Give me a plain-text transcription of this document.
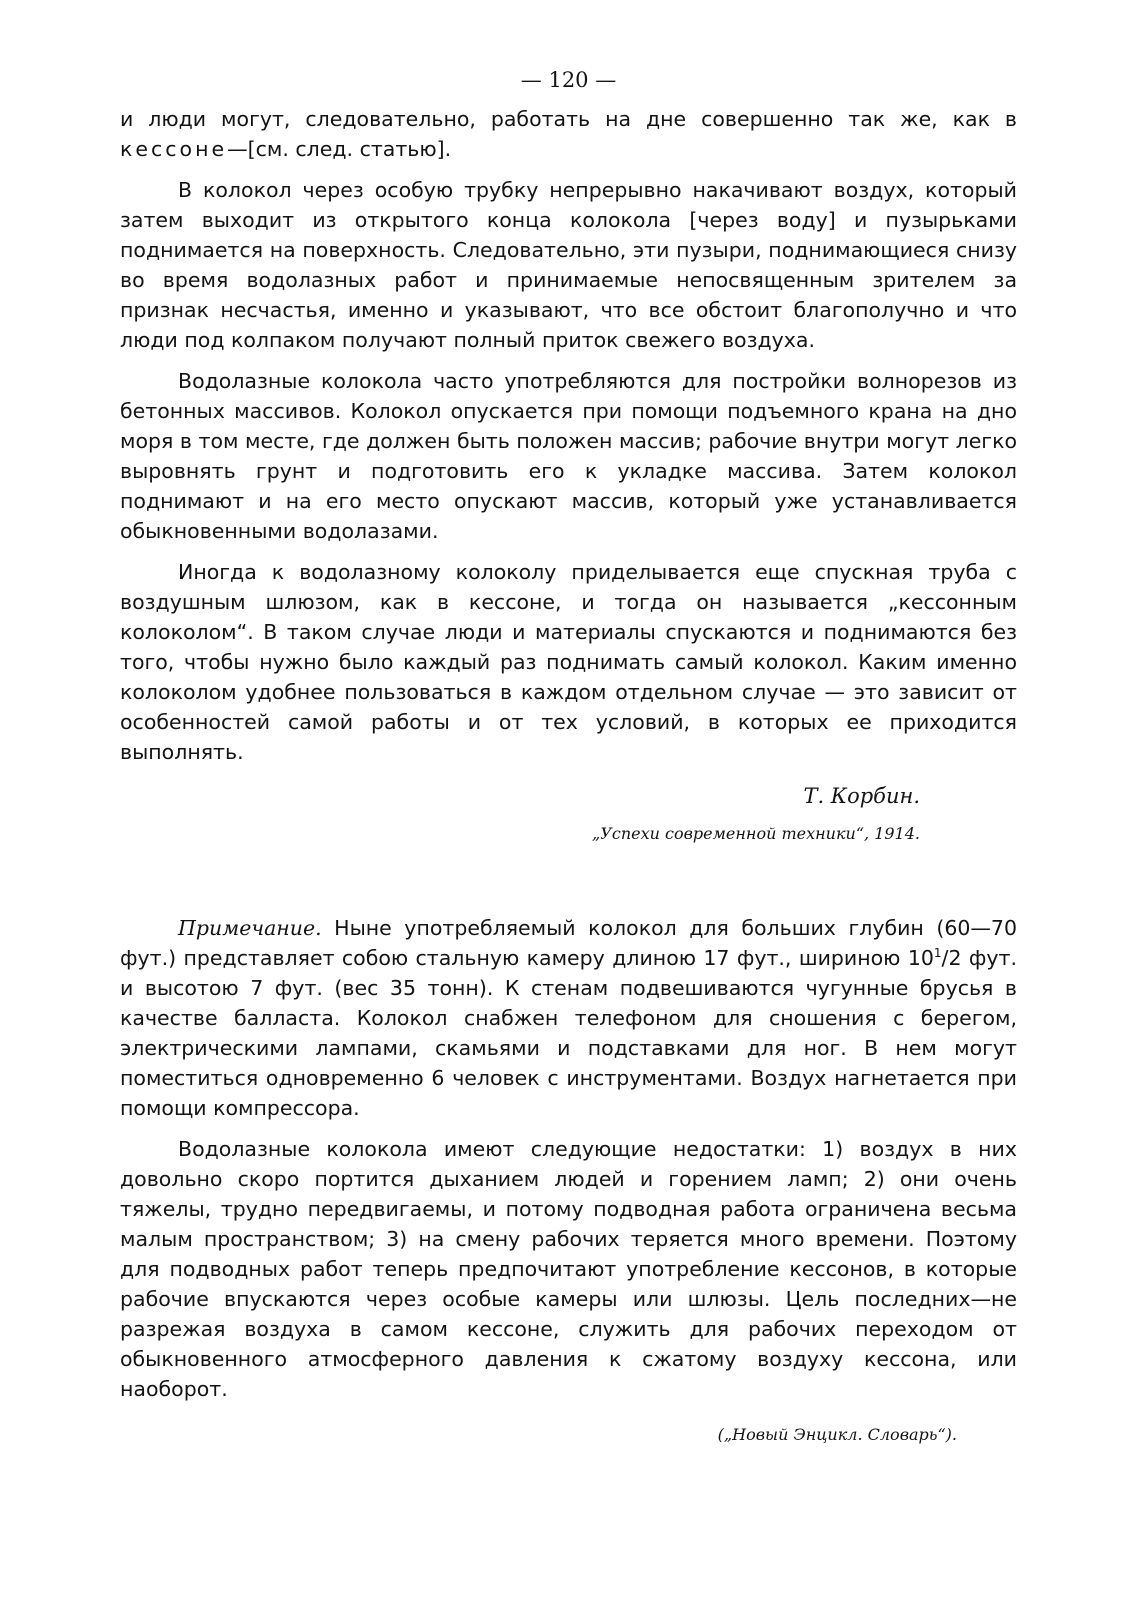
— 120 —

и люди могут, следовательно, работать на дне совершенно так же, как в кессоне—[см. след. статью].

В колокол через особую трубку непрерывно накачивают воздух, который затем выходит из открытого конца колокола [через воду] и пузырьками поднимается на поверхность. Следовательно, эти пузыри, поднимающиеся снизу во время водолазных работ и принимаемые непосвященным зрителем за признак несчастья, именно и указывают, что все обстоит благополучно и что люди под колпаком получают полный приток свежего воздуха.

Водолазные колокола часто употребляются для постройки волнорезов из бетонных массивов. Колокол опускается при помощи подъемного крана на дно моря в том месте, где должен быть положен массив; рабочие внутри могут легко выровнять грунт и подготовить его к укладке массива. Затем колокол поднимают и на его место опускают массив, который уже устанавливается обыкновенными водолазами.

Иногда к водолазному колоколу приделывается еще спускная труба с воздушным шлюзом, как в кессоне, и тогда он называется „кессонным колоколом“. В таком случае люди и материалы спускаются и поднимаются без того, чтобы нужно было каждый раз поднимать самый колокол. Каким именно колоколом удобнее пользоваться в каждом отдельном случае — это зависит от особенностей самой работы и от тех условий, в которых ее приходится выполнять.

Т. Корбин.
„Успехи современной техники“, 1914.

Примечание. Ныне употребляемый колокол для больших глубин (60—70 фут.) представляет собою стальную камеру длиною 17 фут., шириною $10^1/2$ фут. и высотою 7 фут. (вес 35 тонн). К стенам подвешиваются чугунные брусья в качестве балласта. Колокол снабжен телефоном для сношения с берегом, электрическими лампами, скамьями и подставками для ног. В нем могут поместиться одновременно 6 человек с инструментами. Воздух нагнетается при помощи компрессора.

Водолазные колокола имеют следующие недостатки: 1) воздух в них довольно скоро портится дыханием людей и горением ламп; 2) они очень тяжелы, трудно передвигаемы, и потому подводная работа ограничена весьма малым пространством; 3) на смену рабочих теряется много времени. Поэтому для подводных работ теперь предпочитают употребление кессонов, в которые рабочие впускаются через особые камеры или шлюзы. Цель последних—не разрежая воздуха в самом кессоне, служить для рабочих переходом от обыкновенного атмосферного давления к сжатому воздуху кессона, или наоборот.

(„Новый Энцикл. Словарь“).
